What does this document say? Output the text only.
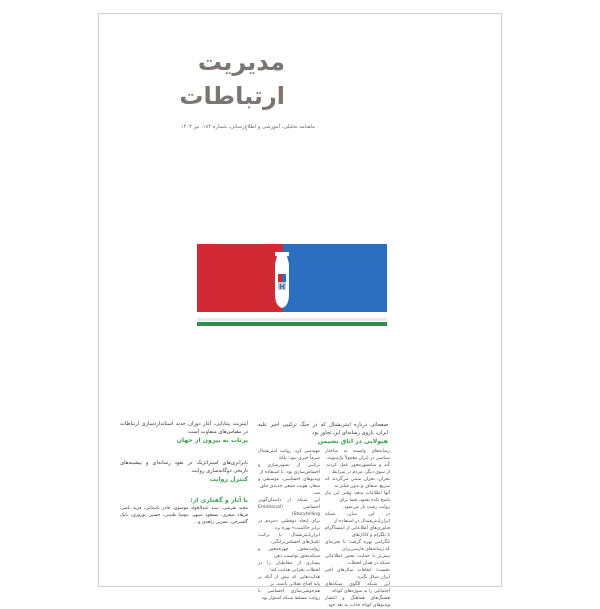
مدیریت
ارتباطات
ماهنامه تحلیلی، آموزشی و اطلاع‌رسانی، شماره ۱۸۴، تیر ۱۴۰۴
H
صفحاتی درباره اینترنشنال که در جنگ ترکیبی اخیر علیه ایران، بازوی رسانه‌ای این تجاوز بود
هیولایی در اتاق نشیمن
رسانه‌های وابسته به ساختار سیاسی در ایران معمولاً یک‌سویه،
کُند و سانسورمحور عمل کردند. از سوی دیگر، مردم در شرایط
بحران، بحران سنتی می‌گردند که سریع، شفاف و بدون فیلتر به
آنها اطلاعات بدهد، وقتی این نیاز پاسخ داده نشود، فضا برای
روایت رقیب باز می‌شود.
در این میان، شبکه ایران‌اینترنشنال در استفاده از
فناوری‌های اطلاعاتی از اینستاگرام تا تلگرام و کانال‌های
تلگرامی بهره گرفت؛ تا تجربه‌ای که رسانه‌های فارسی‌زبان
پیش‌تر با حمایت بخش اطلاعاتی شبکه در همان لحظات
نخست؛ اتفاقات سال‌های اخیر ایران شکل بگیرد.
این شبکه الگوی شبکه‌های اجتماعی را به سوژه‌های کوتاه،
هشتگ‌های هماهنگ و انتشار ویدیوهای کوتاه جذاب به نقد خود.
مهندسی کرد. روایت اینترنشنال صرفاً خبری نبود؛ بلکه
ترکیبی از تصویرسازی و احساس‌سازی بود. با استفاده از
ویدیوهای احساسی، موسیقی و شعار، هویت جمعی جدیدی خلق
شد.
این شبکه از داستان‌گویی احساسی (Emotional Storytelling)
برای ایجاد دوقطبی «مردم در برابر حاکمیت» بهره برد.
ایران‌اینترنشنال با ترکیب تکنیک‌های احساس‌برانگیز،
روایت‌محور، چهره‌محور و شبکه‌محور توانست ذهن
بسیاری از مخاطبان را در لحظات بحرانی هدایت کند؛
هدایت‌هایی که بیش از آنکه بر پایه اقناع عقلانی باشند، بر
هم‌جوشی‌سازی احساسی با روایت مسلط شبکه استوار بود.
اینترنت پنتاپایی، آغاز دوران جدید استانداردسازی ارتباطات در مقیاس‌های متفاوت است
پرتاب به بیرون از جهان
نابرابری‌های استراتژیک در نفوذ رسانه‌ای و پیشینه‌های تاریخی دوگانه‌سازی روایت
کنترل روایت
با آثار و گفتاری از:
مجید تفرشی، سید عبدالجواد موسوی، قادر باستانی، فرید ناصر، فرهاد صفری، مسعود سپهر، بنوشا طبیبی، حسین نوروزی، بابک گلسرخی، نسرین زاهدی و...
